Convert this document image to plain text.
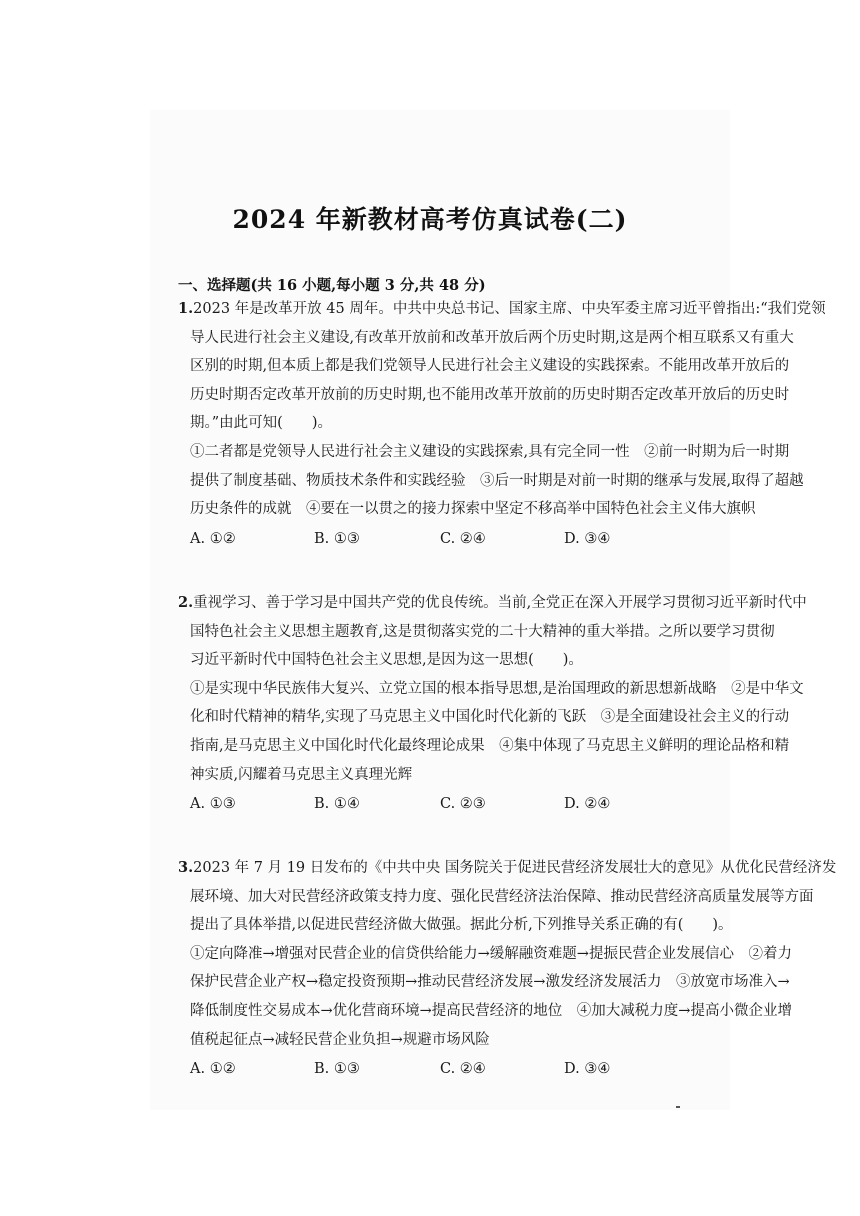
2024 年新教材高考仿真试卷(二)
一、选择题(共 16 小题,每小题 3 分,共 48 分)
1.2023 年是改革开放 45 周年。中共中央总书记、国家主席、中央军委主席习近平曾指出:“我们党领
导人民进行社会主义建设,有改革开放前和改革开放后两个历史时期,这是两个相互联系又有重大
区别的时期,但本质上都是我们党领导人民进行社会主义建设的实践探索。不能用改革开放后的
历史时期否定改革开放前的历史时期,也不能用改革开放前的历史时期否定改革开放后的历史时
期。”由此可知(　　)。
①二者都是党领导人民进行社会主义建设的实践探索,具有完全同一性　②前一时期为后一时期
提供了制度基础、物质技术条件和实践经验　③后一时期是对前一时期的继承与发展,取得了超越
历史条件的成就　④要在一以贯之的接力探索中坚定不移高举中国特色社会主义伟大旗帜
A. ①②	B. ①③	C. ②④	D. ③④
2.重视学习、善于学习是中国共产党的优良传统。当前,全党正在深入开展学习贯彻习近平新时代中
国特色社会主义思想主题教育,这是贯彻落实党的二十大精神的重大举措。之所以要学习贯彻
习近平新时代中国特色社会主义思想,是因为这一思想(　　)。
①是实现中华民族伟大复兴、立党立国的根本指导思想,是治国理政的新思想新战略　②是中华文
化和时代精神的精华,实现了马克思主义中国化时代化新的飞跃　③是全面建设社会主义的行动
指南,是马克思主义中国化时代化最终理论成果　④集中体现了马克思主义鲜明的理论品格和精
神实质,闪耀着马克思主义真理光辉
A. ①③	B. ①④	C. ②③	D. ②④
3.2023 年 7 月 19 日发布的《中共中央 国务院关于促进民营经济发展壮大的意见》从优化民营经济发
展环境、加大对民营经济政策支持力度、强化民营经济法治保障、推动民营经济高质量发展等方面
提出了具体举措,以促进民营经济做大做强。据此分析,下列推导关系正确的有(　　)。
①定向降准→增强对民营企业的信贷供给能力→缓解融资难题→提振民营企业发展信心　②着力
保护民营企业产权→稳定投资预期→推动民营经济发展→激发经济发展活力　③放宽市场准入→
降低制度性交易成本→优化营商环境→提高民营经济的地位　④加大减税力度→提高小微企业增
值税起征点→减轻民营企业负担→规避市场风险
A. ①②	B. ①③	C. ②④	D. ③④
